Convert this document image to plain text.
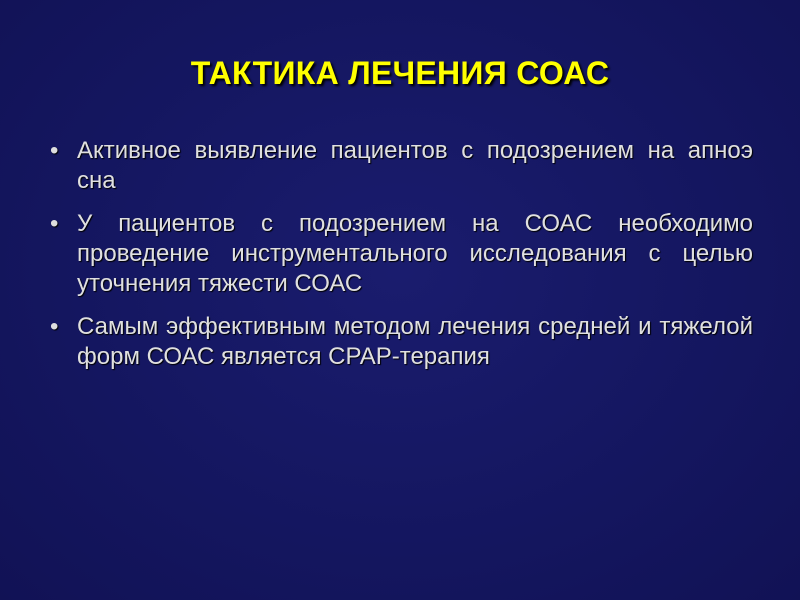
ТАКТИКА ЛЕЧЕНИЯ СОАС
• Активное выявление пациентов с подозрением на апноэ сна
• У пациентов с подозрением на СОАС необходимо проведение инструментального исследования с целью уточнения тяжести СОАС
• Самым эффективным методом лечения средней и тяжелой форм СОАС является CPAP-терапия
